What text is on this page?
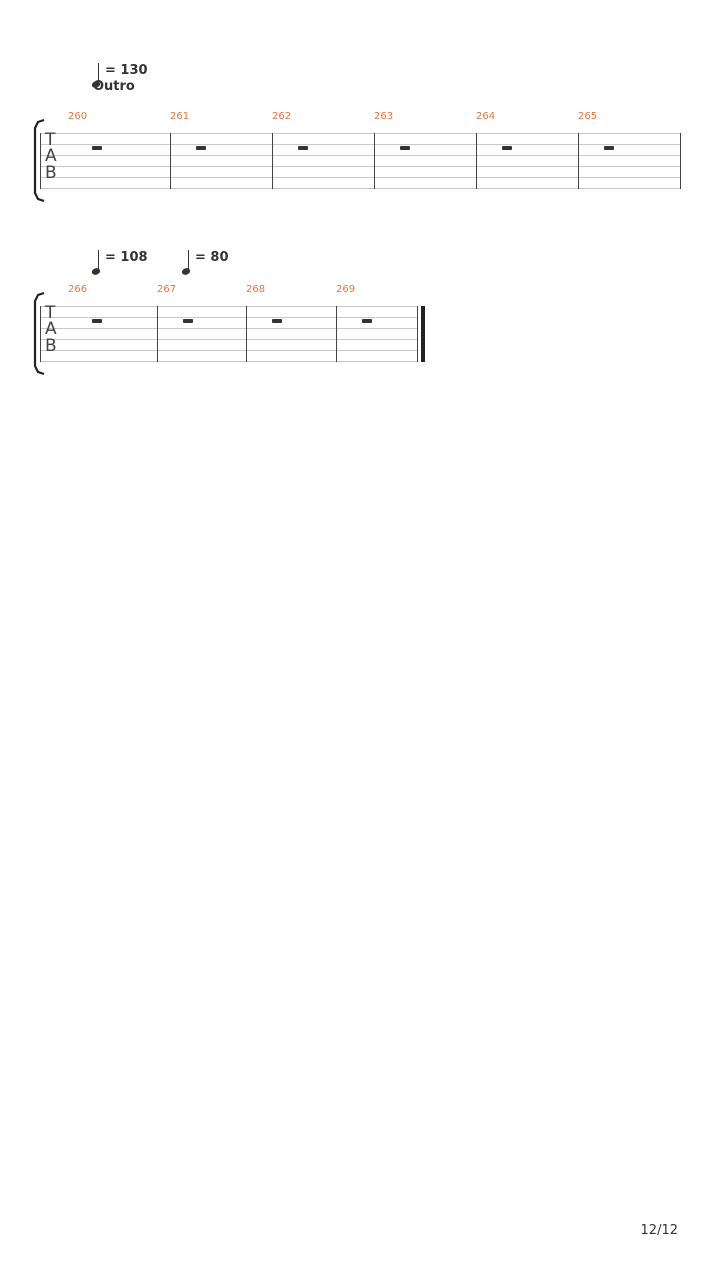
= 130
Outro
T
A
B
260	261	262	263	264	265
= 108	= 80
T
A
B
266	267	268	269
12/12
